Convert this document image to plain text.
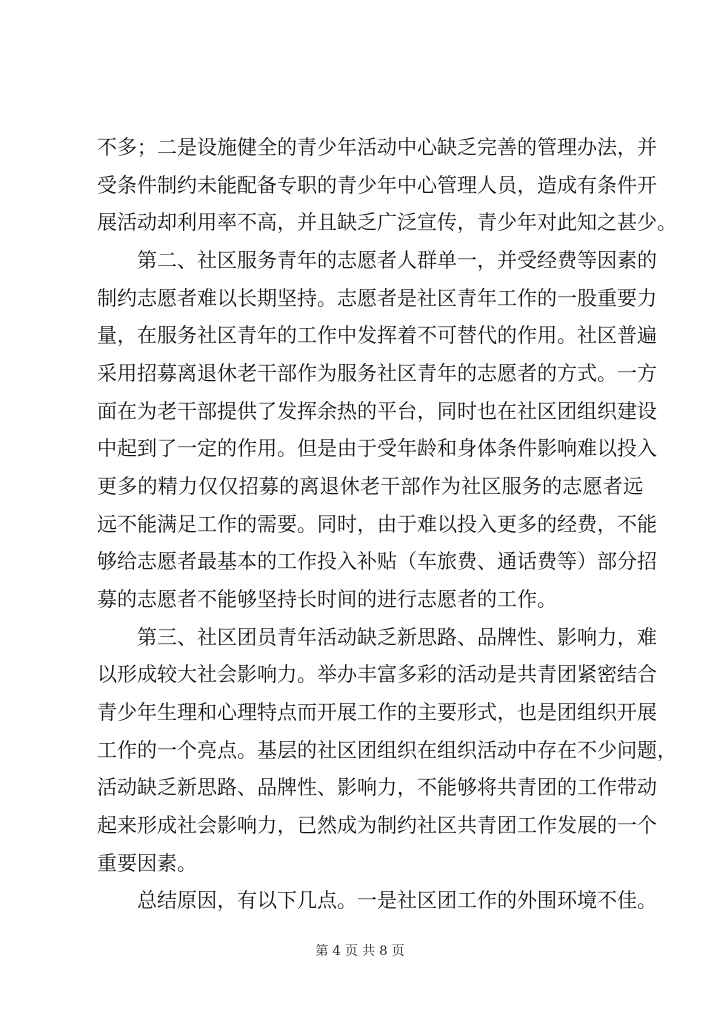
不多；二是设施健全的青少年活动中心缺乏完善的管理办法，并
受条件制约未能配备专职的青少年中心管理人员，造成有条件开
展活动却利用率不高，并且缺乏广泛宣传，青少年对此知之甚少。
　　第二、社区服务青年的志愿者人群单一，并受经费等因素的
制约志愿者难以长期坚持。志愿者是社区青年工作的一股重要力
量，在服务社区青年的工作中发挥着不可替代的作用。社区普遍
采用招募离退休老干部作为服务社区青年的志愿者的方式。一方
面在为老干部提供了发挥余热的平台，同时也在社区团组织建设
中起到了一定的作用。但是由于受年龄和身体条件影响难以投入
更多的精力仅仅招募的离退休老干部作为社区服务的志愿者远
远不能满足工作的需要。同时，由于难以投入更多的经费，不能
够给志愿者最基本的工作投入补贴（车旅费、通话费等）部分招
募的志愿者不能够坚持长时间的进行志愿者的工作。
　　第三、社区团员青年活动缺乏新思路、品牌性、影响力，难
以形成较大社会影响力。举办丰富多彩的活动是共青团紧密结合
青少年生理和心理特点而开展工作的主要形式，也是团组织开展
工作的一个亮点。基层的社区团组织在组织活动中存在不少问题，
活动缺乏新思路、品牌性、影响力，不能够将共青团的工作带动
起来形成社会影响力，已然成为制约社区共青团工作发展的一个
重要因素。
　　总结原因，有以下几点。一是社区团工作的外围环境不佳。
第 4 页 共 8 页
